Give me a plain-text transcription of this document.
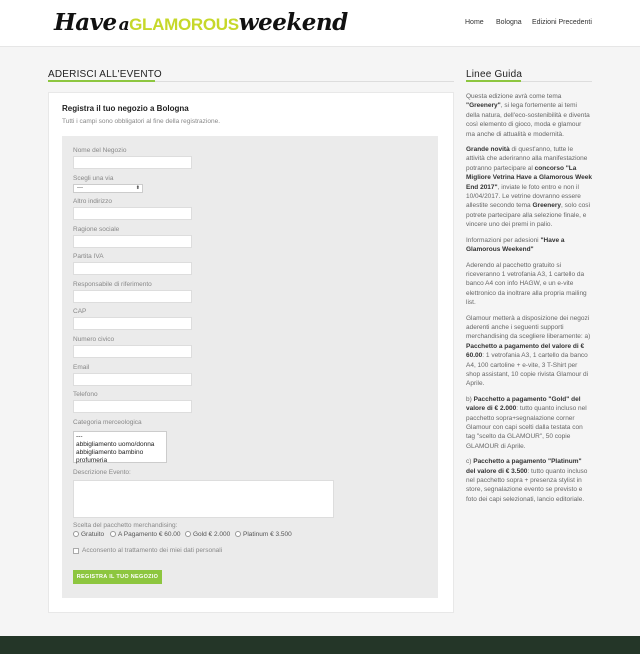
Have aGLAMOROUSweekend	Home Bologna Edizioni Precedenti
ADERISCI ALL'EVENTO
Registra il tuo negozio a Bologna
Tutti i campi sono obbligatori al fine della registrazione.
Nome del Negozio
Scegli una via
---	⬍
Altro indirizzo
Ragione sociale
Partita IVA
Responsabile di riferimento
CAP
Numero civico
Email
Telefono
Categoria merceologica
---
abbigliamento uomo/donna
abbigliamento bambino
profumeria
Descrizione Evento:
Scelta del pacchetto merchandising:
Gratuito	A Pagamento € 60.00	Gold € 2.000	Platinum € 3.500
Acconsento al trattamento dei miei dati personali
REGISTRA IL TUO NEGOZIO
Linee Guida

Questa edizione avrà come tema "Greenery", si lega fortemente ai temi della natura, dell'eco-sostenibilità e diventa così elemento di gioco, moda e glamour ma anche di attualità e modernità.

Grande novità di quest'anno, tutte le attività che aderiranno alla manifestazione potranno partecipare al concorso "La Migliore Vetrina Have a Glamorous Week End 2017", inviate le foto entro e non il 10/04/2017. Le vetrine dovranno essere allestite secondo tema Greenery, solo così potrete partecipare alla selezione finale, e vincere uno dei premi in palio.

Informazioni per adesioni "Have a Glamorous Weekend"

Aderendo al pacchetto gratuito si riceveranno 1 vetrofania A3, 1 cartello da banco A4 con info HAGW, e un e-vite elettronico da inoltrare alla propria mailing list.

Glamour metterà a disposizione dei negozi aderenti anche i seguenti supporti merchandising da scegliere liberamente: a) Pacchetto a pagamento del valore di € 60.00: 1 vetrofania A3, 1 cartello da banco A4, 100 cartoline + e-vite, 3 T-Shirt per shop assistant, 10 copie rivista Glamour di Aprile.

b) Pacchetto a pagamento "Gold" del valore di € 2.000: tutto quanto incluso nel pacchetto sopra+segnalazione corner Glamour con capi scelti dalla testata con tag "scelto da GLAMOUR", 50 copie GLAMOUR di Aprile.

c) Pacchetto a pagamento "Platinum" del valore di € 3.500: tutto quanto incluso nel pacchetto sopra + presenza stylist in store, segnalazione evento se previsto e foto dei capi selezionati, lancio editoriale.
